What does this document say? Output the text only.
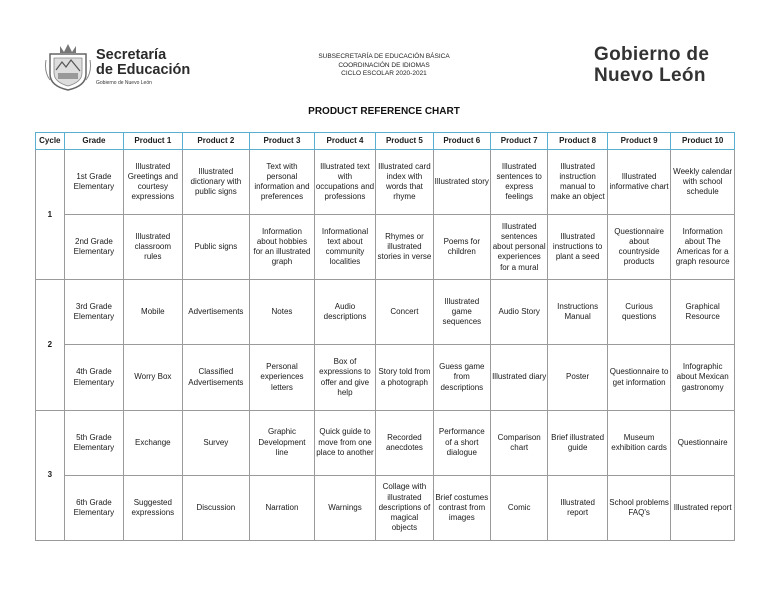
Secretaría
de Educación
Gobierno de Nuevo León
SUBSECRETARÍA DE EDUCACIÓN BÁSICA
COORDINACIÓN DE IDIOMAS
CICLO ESCOLAR 2020-2021
Gobierno de
Nuevo León
PRODUCT REFERENCE CHART
Cycle	Grade	Product 1	Product 2	Product 3	Product 4	Product 5	Product 6	Product 7	Product 8	Product 9	Product 10
1	1st Grade Elementary	Illustrated Greetings and courtesy expressions	Illustrated dictionary with public signs	Text with personal information and preferences	Illustrated text with occupations and professions	Illustrated card index with words that rhyme	Illustrated story	Illustrated sentences to express feelings	Illustrated instruction manual to make an object	Illustrated informative chart	Weekly calendar with school schedule
	2nd Grade Elementary	Illustrated classroom rules	Public signs	Information about hobbies for an illustrated graph	Informational text about community localities	Rhymes or illustrated stories in verse	Poems for children	Illustrated sentences about personal experiences for a mural	Illustrated instructions to plant a seed	Questionnaire about countryside products	Information about The Americas for a graph resource
2	3rd Grade Elementary	Mobile	Advertisements	Notes	Audio descriptions	Concert	Illustrated game sequences	Audio Story	Instructions Manual	Curious questions	Graphical Resource
	4th Grade Elementary	Worry Box	Classified Advertisements	Personal experiences letters	Box of expressions to offer and give help	Story told from a photograph	Guess game from descriptions	Illustrated diary	Poster	Questionnaire to get information	Infographic about Mexican gastronomy
3	5th Grade Elementary	Exchange	Survey	Graphic Development line	Quick guide to move from one place to another	Recorded anecdotes	Performance of a short dialogue	Comparison chart	Brief illustrated guide	Museum exhibition cards	Questionnaire
	6th Grade Elementary	Suggested expressions	Discussion	Narration	Warnings	Collage with illustrated descriptions of magical objects	Brief costumes contrast from images	Comic	Illustrated report	School problems FAQ's	Illustrated report
